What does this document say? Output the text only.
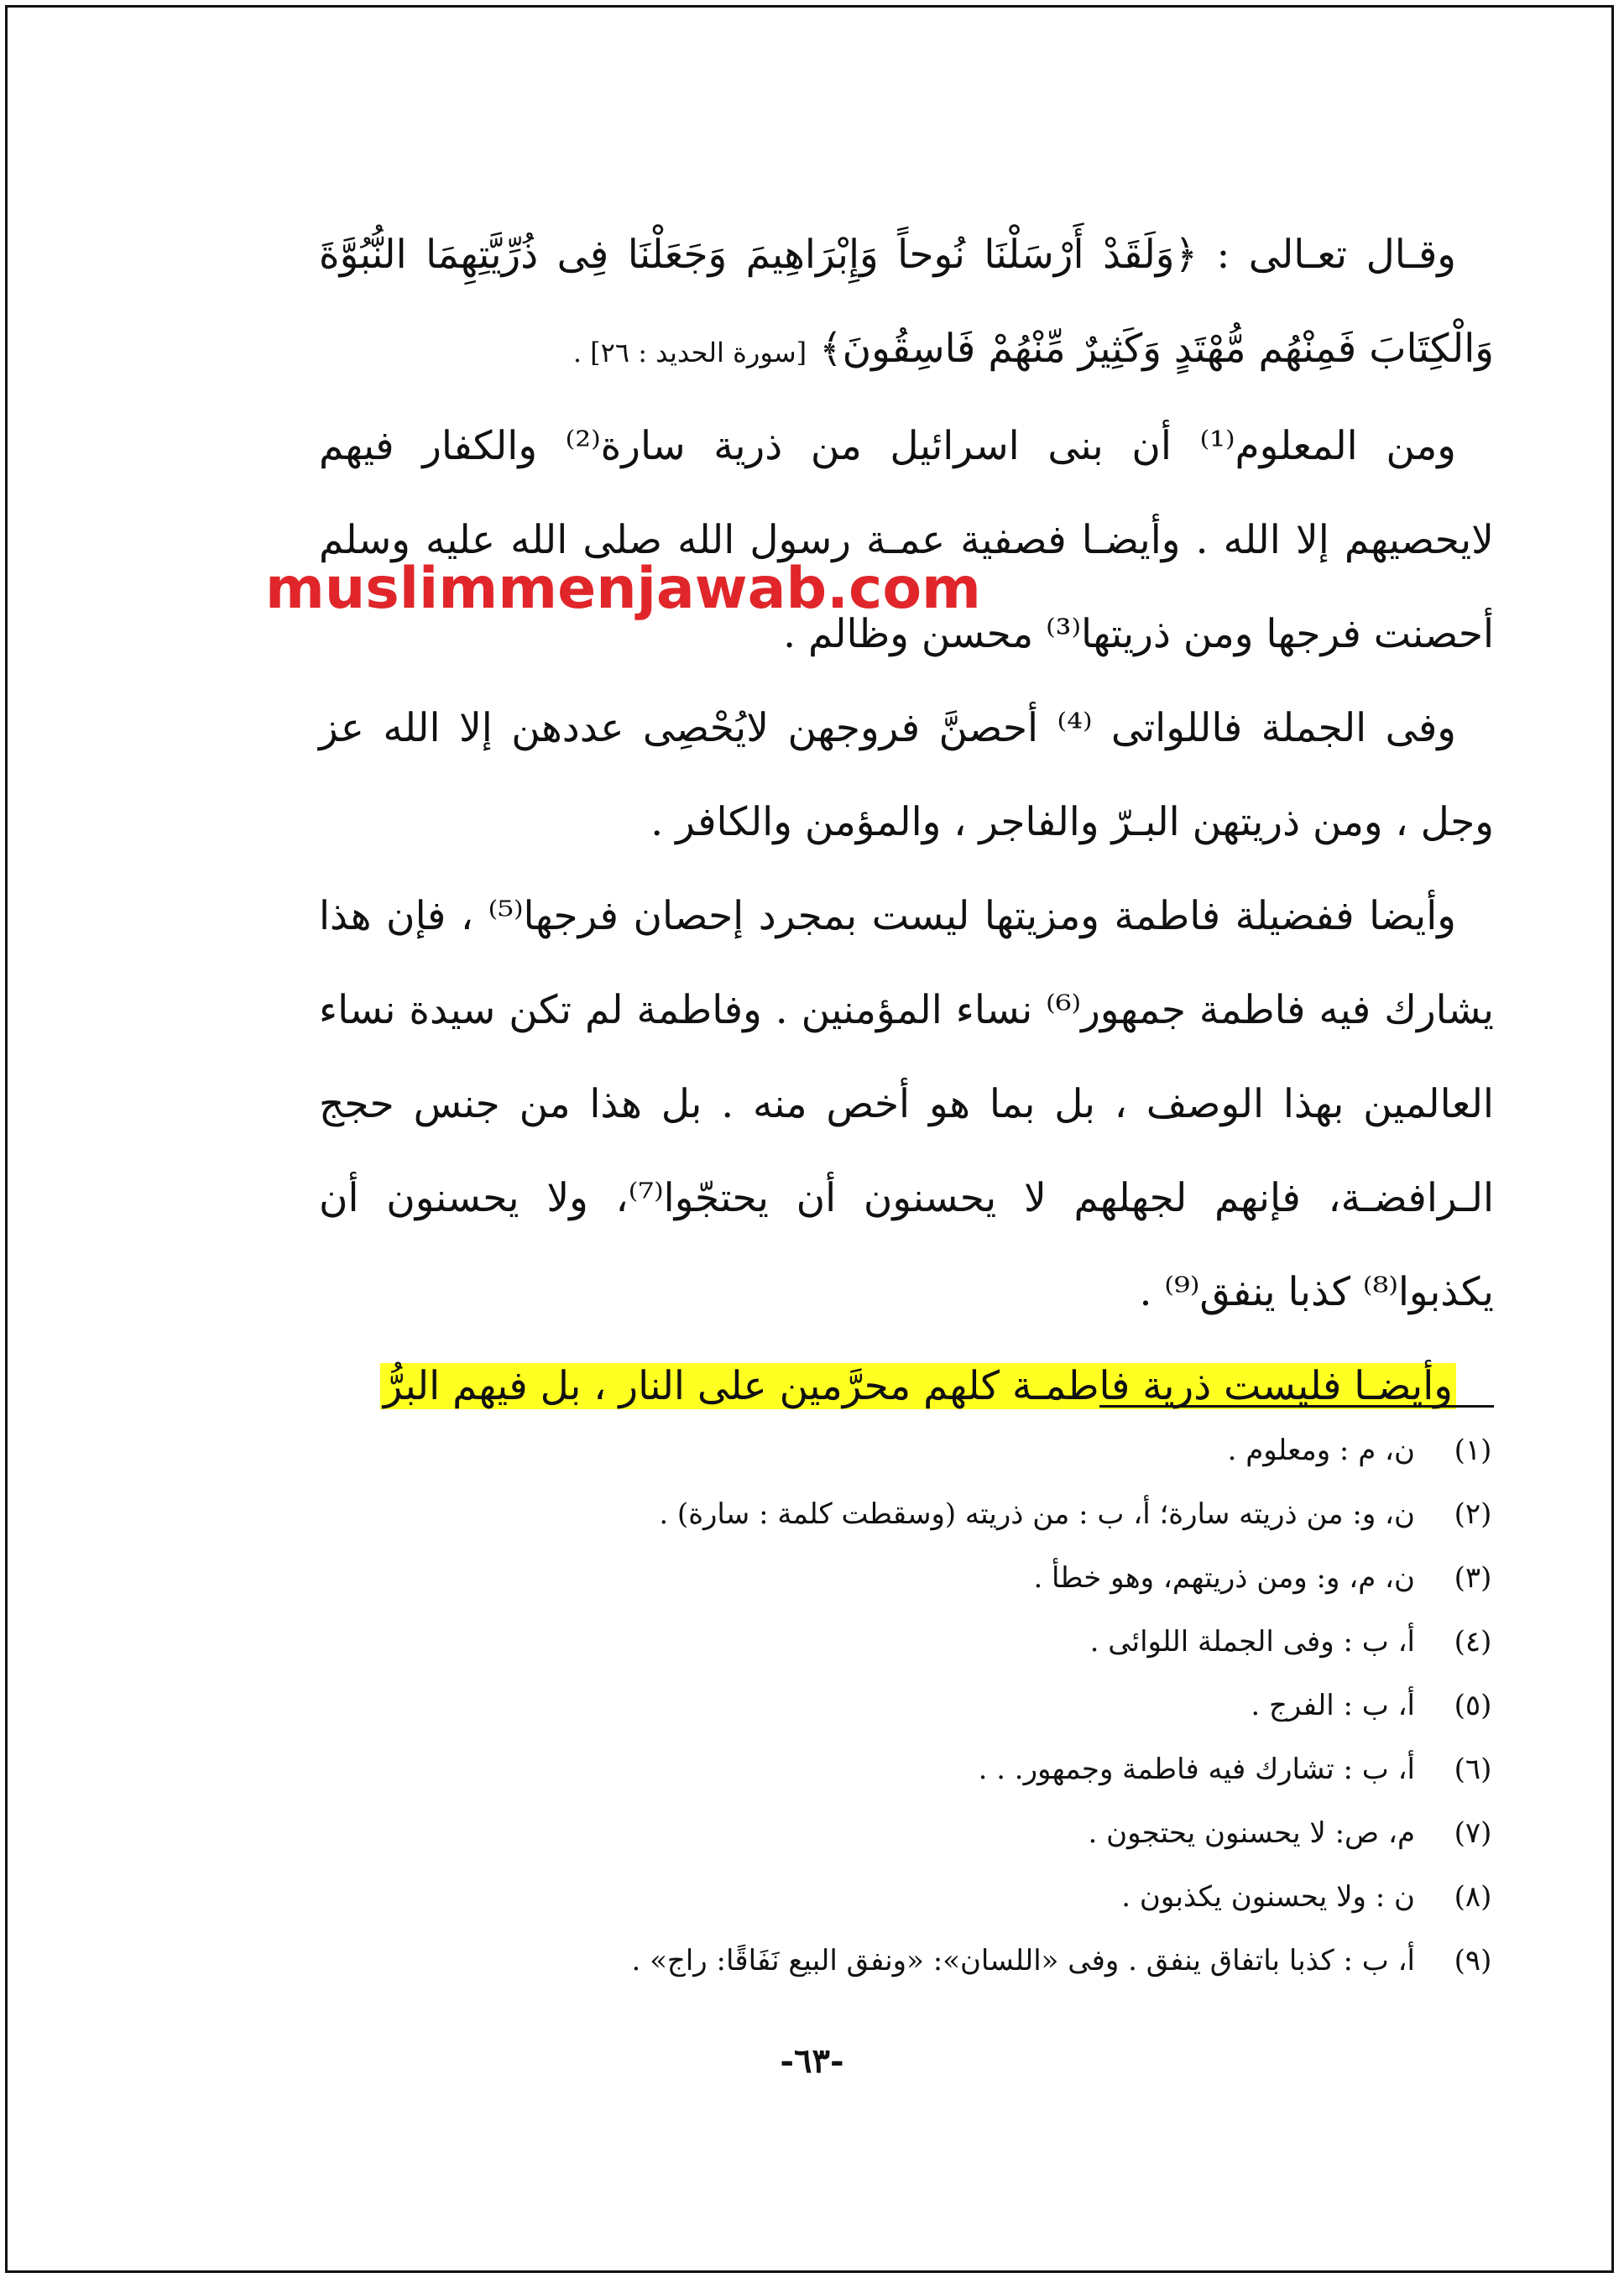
وقـال تعـالى : ﴿وَلَقَدْ أَرْسَلْنَا نُوحاً وَإِبْرَاهِيمَ وَجَعَلْنَا فِى ذُرِّيَّتِهِمَا النُّبُوَّةَ وَالْكِتَابَ فَمِنْهُم مُّهْتَدٍ وَكَثِيرٌ مِّنْهُمْ فَاسِقُونَ﴾ [سورة الحديد : ٢٦] .

ومن المعلوم⁽¹⁾ أن بنى اسرائيل من ذرية سارة⁽²⁾ والكفار فيهم لايحصيهم إلا الله . وأيضـا فصفية عمـة رسول الله صلى الله عليه وسلم أحصنت فرجها ومن ذريتها⁽³⁾ محسن وظالم .

وفى الجملة فاللواتى ⁽⁴⁾ أحصنَّ فروجهن لايُحْصِى عددهن إلا الله عز وجل ، ومن ذريتهن البـرّ والفاجر ، والمؤمن والكافر .

وأيضا ففضيلة فاطمة ومزيتها ليست بمجرد إحصان فرجها⁽⁵⁾ ، فإن هذا يشارك فيه فاطمة جمهور⁽⁶⁾ نساء المؤمنين . وفاطمة لم تكن سيدة نساء العالمين بهذا الوصف ، بل بما هو أخص منه . بل هذا من جنس حجج الـرافضـة، فإنهم لجهلهم لا يحسنون أن يحتجّوا⁽⁷⁾، ولا يحسنون أن يكذبوا⁽⁸⁾ كذبا ينفق⁽⁹⁾ .

وأيضـا فليست ذرية فاطمـة كلهم محرَّمين على النار ، بل فيهم البرُّ

muslimmenjawab.com
(١)
ن، م : ومعلوم .
(٢)
ن، و: من ذريته سارة؛ أ، ب : من ذريته (وسقطت كلمة : سارة) .
(٣)
ن، م، و: ومن ذريتهم، وهو خطأ .
(٤)
أ، ب : وفى الجملة اللوائى .
(٥)
أ، ب : الفرج .
(٦)
أ، ب : تشارك فيه فاطمة وجمهور. . .
(٧)
م، ص: لا يحسنون يحتجون .
(٨)
ن : ولا يحسنون يكذبون .
(٩)
أ، ب : كذبا باتفاق ينفق . وفى «اللسان»: «ونفق البيع نَفَاقًا: راج» .
-٦٣-
